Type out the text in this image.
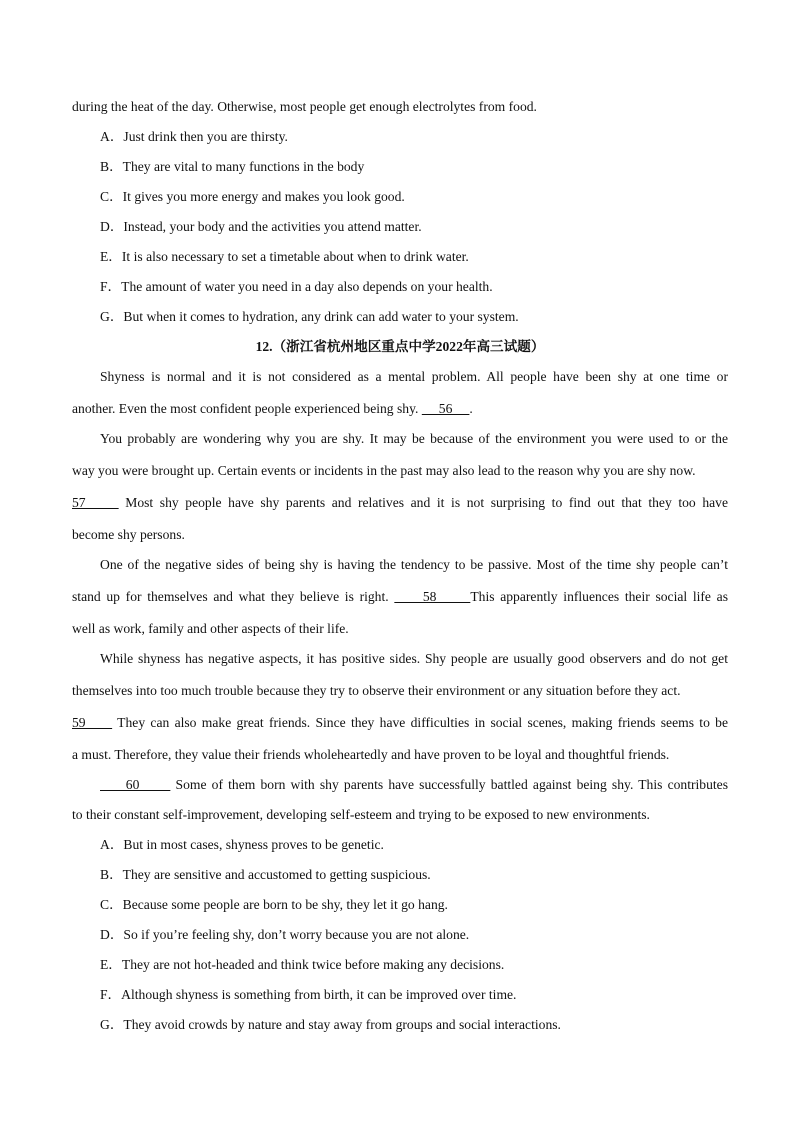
during the heat of the day. Otherwise, most people get enough electrolytes from food.
A．Just drink then you are thirsty.
B．They are vital to many functions in the body
C．It gives you more energy and makes you look good.
D．Instead, your body and the activities you attend matter.
E．It is also necessary to set a timetable about when to drink water.
F．The amount of water you need in a day also depends on your health.
G．But when it comes to hydration, any drink can add water to your system.
12.（浙江省杭州地区重点中学2022年高三试题）
Shyness is normal and it is not considered as a mental problem. All people have been shy at one time or
another. Even the most confident people experienced being shy.      56     .
You probably are wondering why you are shy. It may be because of the environment you were used to or the
way you were brought up. Certain events or incidents in the past may also lead to the reason why you are shy now.
57      Most shy people have shy parents and relatives and it is not surprising to find out that they too have
become shy persons.
One of the negative sides of being shy is having the tendency to be passive. Most of the time shy people can’t
stand up for themselves and what they believe is right.      58      This apparently influences their social life as
well as work, family and other aspects of their life.
While shyness has negative aspects, it has positive sides. Shy people are usually good observers and do not get
themselves into too much trouble because they try to observe their environment or any situation before they act.
59      They can also make great friends. Since they have difficulties in social scenes, making friends seems to be
a must. Therefore, they value their friends wholeheartedly and have proven to be loyal and thoughtful friends.
60       Some of them born with shy parents have successfully battled against being shy. This contributes
to their constant self-improvement, developing self-esteem and trying to be exposed to new environments.
A．But in most cases, shyness proves to be genetic.
B．They are sensitive and accustomed to getting suspicious.
C．Because some people are born to be shy, they let it go hang.
D．So if you’re feeling shy, don’t worry because you are not alone.
E．They are not hot-headed and think twice before making any decisions.
F．Although shyness is something from birth, it can be improved over time.
G．They avoid crowds by nature and stay away from groups and social interactions.
